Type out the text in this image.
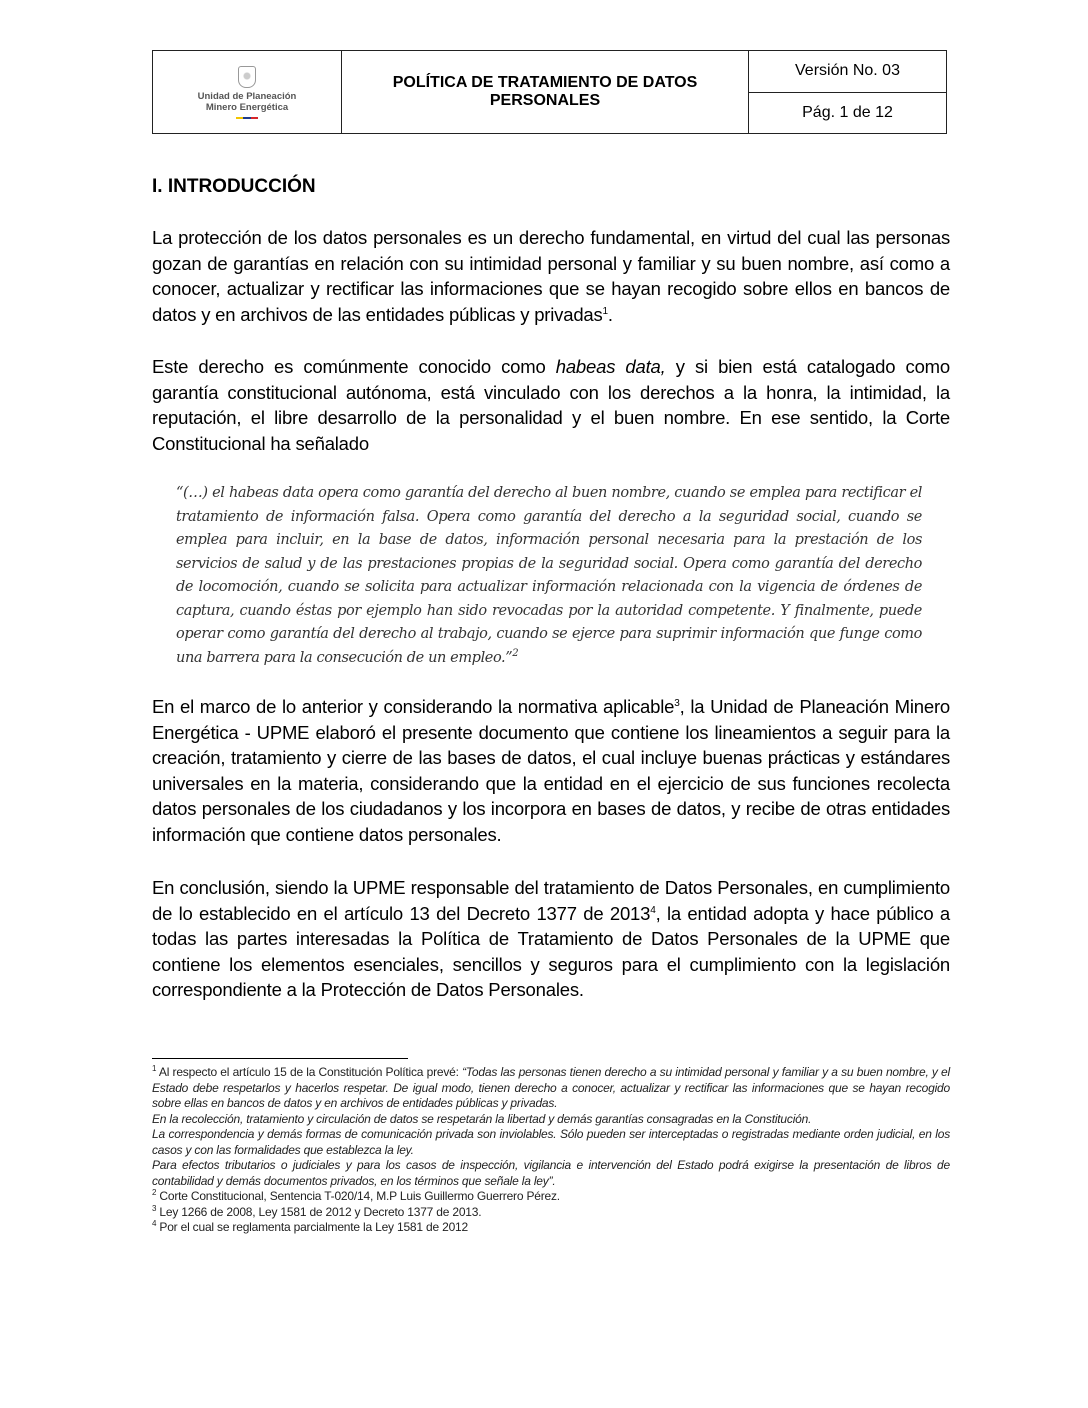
Unidad de Planeación
Minero Energética
POLÍTICA DE TRATAMIENTO DE DATOS PERSONALES
Versión No. 03
Pág. 1 de 12
I. INTRODUCCIÓN
La protección de los datos personales es un derecho fundamental, en virtud del cual las personas gozan de garantías en relación con su intimidad personal y familiar y su buen nombre, así como a conocer, actualizar y rectificar las informaciones que se hayan recogido sobre ellos en bancos de datos y en archivos de las entidades públicas y privadas$^1$.
Este derecho es comúnmente conocido como habeas data, y si bien está catalogado como garantía constitucional autónoma, está vinculado con los derechos a la honra, la intimidad, la reputación, el libre desarrollo de la personalidad y el buen nombre. En ese sentido, la Corte Constitucional ha señalado
“(…) el habeas data opera como garantía del derecho al buen nombre, cuando se emplea para rectificar el tratamiento de información falsa. Opera como garantía del derecho a la seguridad social, cuando se emplea para incluir, en la base de datos, información personal necesaria para la prestación de los servicios de salud y de las prestaciones propias de la seguridad social. Opera como garantía del derecho de locomoción, cuando se solicita para actualizar información relacionada con la vigencia de órdenes de captura, cuando éstas por ejemplo han sido revocadas por la autoridad competente. Y finalmente, puede operar como garantía del derecho al trabajo, cuando se ejerce para suprimir información que funge como una barrera para la consecución de un empleo.”$^2$
En el marco de lo anterior y considerando la normativa aplicable$^3$, la Unidad de Planeación Minero Energética - UPME elaboró el presente documento que contiene los lineamientos a seguir para la creación, tratamiento y cierre de las bases de datos, el cual incluye buenas prácticas y estándares universales en la materia, considerando que la entidad en el ejercicio de sus funciones recolecta datos personales de los ciudadanos y los incorpora en bases de datos, y recibe de otras entidades información que contiene datos personales.
En conclusión, siendo la UPME responsable del tratamiento de Datos Personales, en cumplimiento de lo establecido en el artículo 13 del Decreto 1377 de 2013$^4$, la entidad adopta y hace público a todas las partes interesadas la Política de Tratamiento de Datos Personales de la UPME que contiene los elementos esenciales, sencillos y seguros para el cumplimiento con la legislación correspondiente a la Protección de Datos Personales.

$^1$ Al respecto el artículo 15 de la Constitución Política prevé: “Todas las personas tienen derecho a su intimidad personal y familiar y a su buen nombre, y el Estado debe respetarlos y hacerlos respetar. De igual modo, tienen derecho a conocer, actualizar y rectificar las informaciones que se hayan recogido sobre ellas en bancos de datos y en archivos de entidades públicas y privadas.

En la recolección, tratamiento y circulación de datos se respetarán la libertad y demás garantías consagradas en la Constitución.

La correspondencia y demás formas de comunicación privada son inviolables. Sólo pueden ser interceptadas o registradas mediante orden judicial, en los casos y con las formalidades que establezca la ley.

Para efectos tributarios o judiciales y para los casos de inspección, vigilancia e intervención del Estado podrá exigirse la presentación de libros de contabilidad y demás documentos privados, en los términos que señale la ley”.

$^2$ Corte Constitucional, Sentencia T-020/14, M.P Luis Guillermo Guerrero Pérez.

$^3$ Ley 1266 de 2008, Ley 1581 de 2012 y Decreto 1377 de 2013.

$^4$ Por el cual se reglamenta parcialmente la Ley 1581 de 2012
